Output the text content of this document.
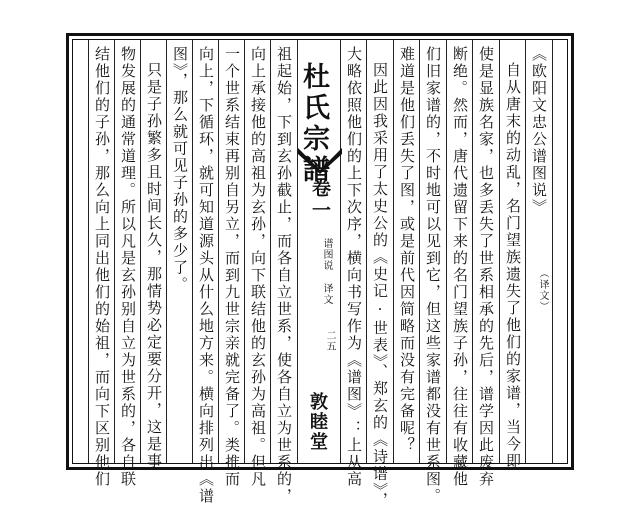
《欧阳文忠公谱图说》
（译文）
自从唐末的动乱，名门望族遗失了他们的家谱，当今即
使是显族名家，也多丢失了世系相承的先后，谱学因此废弃
断绝。然而，唐代遗留下来的名门望族子孙，往往有收藏他
们旧家谱的，不时地可以见到它，但这些家谱都没有世系图。
难道是他们丢失了图，或是前代因简略而没有完备呢？
因此因我采用了太史公的《史记·世表》、郑玄的《诗谱》，
大略依照他们的上下次序，横向书写作为《谱图》：上从高
杜氏宗譜
卷一
谱图说 译文
二五
敦睦堂
祖起始，下到玄孙截止，而各自立世系，使各自立为世系的，
向上承接他的高祖为玄孙，向下联结他的玄孙为高祖。但凡
一个世系结束再别自另立，而到九世宗亲就完备了。类推而
向上，下循环，就可知道源头从什么地方来。横向排列出《谱
图》，那么就可见子孙的多少了。
只是子孙繁多且时间长久，那情势必定要分开，这是事
物发展的通常道理。所以凡是玄孙别自立为世系的，各自联
结他们的子孙，那么向上同出他们的始祖，而向下区别他们
